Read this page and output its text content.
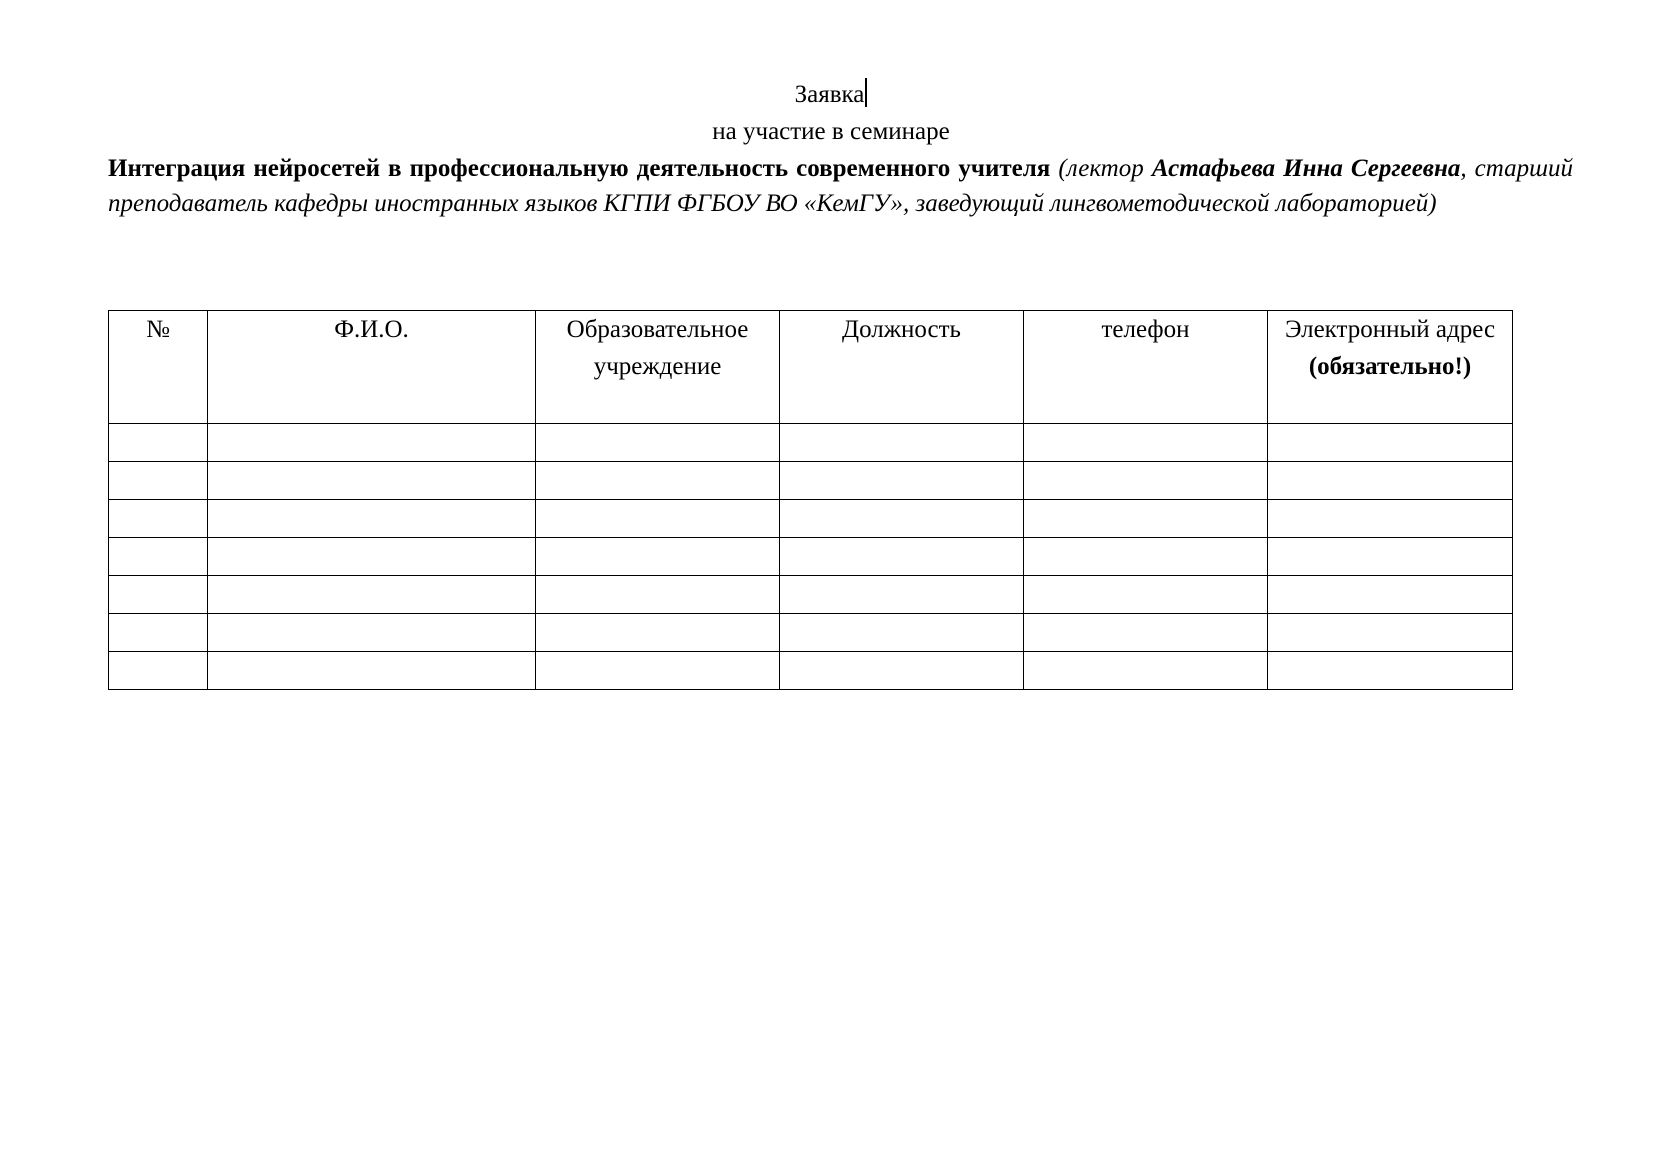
Заявка
на участие в семинаре
Интеграция нейросетей в профессиональную деятельность современного учителя (лектор Астафьева Инна Сергеевна, старший преподаватель кафедры иностранных языков КГПИ ФГБОУ ВО «КемГУ», заведующий лингвометодической лабораторией)
№	Ф.И.О.	Образовательное учреждение	Должность	телефон	Электронный адрес
(обязательно!)
